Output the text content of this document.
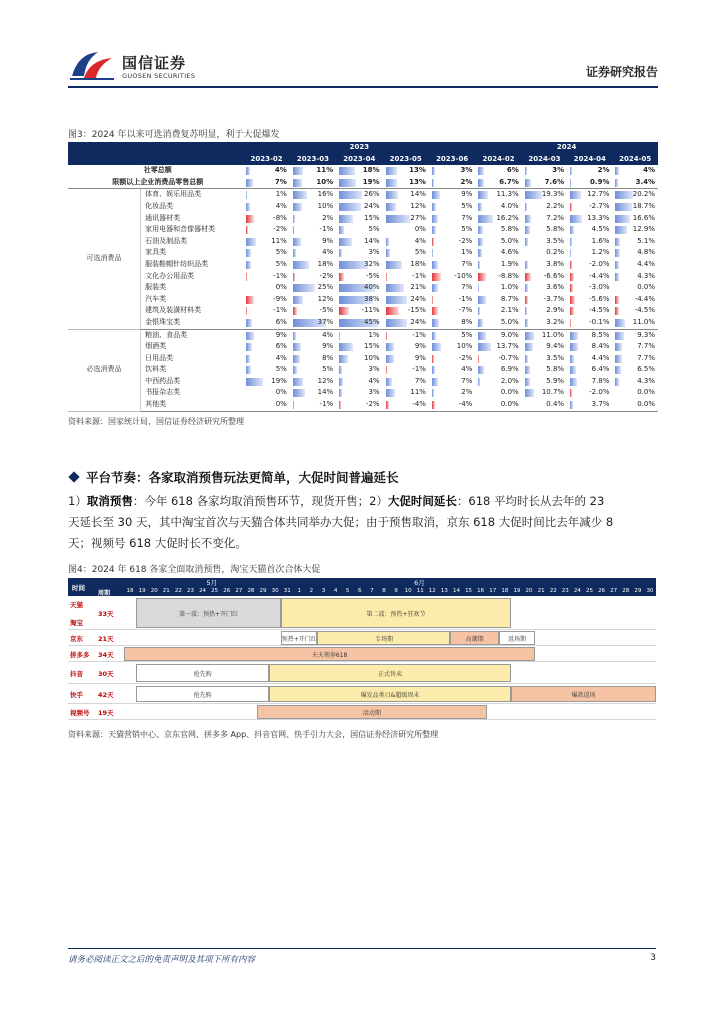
国信证券
GUOSEN SECURITIES	证券研究报告
图3：2024 年以来可选消费复苏明显，利于大促爆发
		2023					2024			
		2023-02	2023-03	2023-04	2023-05	2023-06	2024-02	2024-03	2024-04	2024-05
社零总额		4%	11%	18%	13%	3%	6%	3%	2%	4%
限额以上企业消费品零售总额		7%	10%	19%	13%	2%	6.7%	7.6%	0.9%	3.4%
可选消费品	体育、娱乐用品类	1%	16%	26%	14%	9%	11.3%	19.3%	12.7%	20.2%
	化妆品类	4%	10%	24%	12%	5%	4.0%	2.2%	-2.7%	18.7%
	通讯器材类	-8%	2%	15%	27%	7%	16.2%	7.2%	13.3%	16.6%
	家用电器和音像器材类	-2%	-1%	5%	0%	5%	5.8%	5.8%	4.5%	12.9%
	石油及制品类	11%	9%	14%	4%	-2%	5.0%	3.5%	1.6%	5.1%
	家具类	5%	4%	3%	5%	1%	4.6%	0.2%	1.2%	4.8%
	服装鞋帽针纺织品类	5%	18%	32%	18%	7%	1.9%	3.8%	-2.0%	4.4%
	文化办公用品类	-1%	-2%	-5%	-1%	-10%	-8.8%	-6.6%	-4.4%	4.3%
	服装类	0%	25%	40%	21%	7%	1.0%	3.6%	-3.0%	0.0%
	汽车类	-9%	12%	38%	24%	-1%	8.7%	-3.7%	-5.6%	-4.4%
	建筑及装潢材料类	-1%	-5%	-11%	-15%	-7%	2.1%	2.9%	-4.5%	-4.5%
	金银珠宝类	6%	37%	45%	24%	8%	5.0%	3.2%	-0.1%	11.0%
必选消费品	粮油、食品类	9%	4%	1%	-1%	5%	9.0%	11.0%	8.5%	9.3%
	烟酒类	6%	9%	15%	9%	10%	13.7%	9.4%	8.4%	7.7%
	日用品类	4%	8%	10%	9%	-2%	-0.7%	3.5%	4.4%	7.7%
	饮料类	5%	5%	3%	-1%	4%	6.9%	5.8%	6.4%	6.5%
	中西药品类	19%	12%	4%	7%	7%	2.0%	5.9%	7.8%	4.3%
	书报杂志类	0%	14%	3%	11%	2%	0.0%	10.7%	-2.0%	0.0%
	其他类	0%	-1%	-2%	-4%	-4%	0.0%	0.4%	3.7%	0.0%
资料来源：国家统计局，国信证券经济研究所整理
平台节奏：各家取消预售玩法更简单，大促时间普遍延长
1）取消预售：今年 618 各家均取消预售环节，现货开售；2）大促时间延长：618 平均时长从去年的 23
天延长至 30 天，其中淘宝首次与天猫合体共同举办大促；由于预售取消，京东 618 大促时间比去年减少 8
天；视频号 618 大促时长不变化。
图4：2024 年 618 各家全面取消预售，淘宝天猫首次合体大促
时间
周期
5月	6月
18 19 20 21 22 23 24 25 26 27 28 29 30 31	1	2	3	4	5	6	7	8	9	10 11 12 13 14 15 16 17 18 19 20 21 22 23 24 25 26 27 28 29 30
天猫
淘宝
33天
京东 21天
拼多多 34天
抖音 30天
快手 42天
视频号 19天
第一波：预热+开门红	第二波：预热+狂欢节
预热+开门红	专场期	高潮期	返场期
天天领券618
抢先购	正式售卖
抢先购	爆发品类日&超级周末	爆款返场
活动期
资料来源：天猫营销中心、京东官网、拼多多 App、抖音官网、快手引力大会，国信证券经济研究所整理
请务必阅读正文之后的免责声明及其项下所有内容	3
